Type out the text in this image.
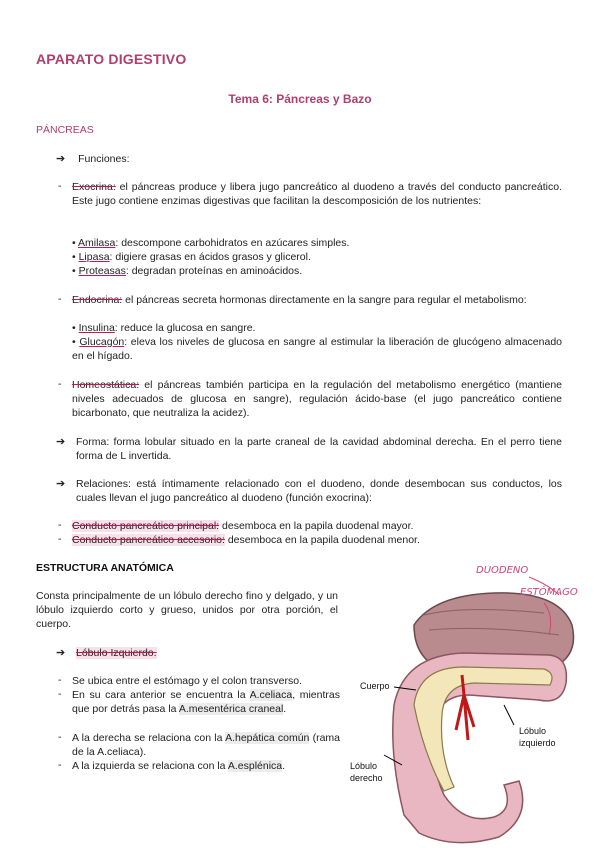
APARATO DIGESTIVO
Tema 6: Páncreas y Bazo
PÁNCREAS
➔ Funciones:
- Exocrina: el páncreas produce y libera jugo pancreático al duodeno a través del conducto pancreático. Este jugo contiene enzimas digestivas que facilitan la descomposición de los nutrientes:
• Amilasa: descompone carbohidratos en azúcares simples.
• Lipasa: digiere grasas en ácidos grasos y glicerol.
• Proteasas: degradan proteínas en aminoácidos.
- Endocrina: el páncreas secreta hormonas directamente en la sangre para regular el metabolismo:
• Insulina: reduce la glucosa en sangre.
• Glucagón: eleva los niveles de glucosa en sangre al estimular la liberación de glucógeno almacenado en el hígado.
- Homeostática: el páncreas también participa en la regulación del metabolismo energético (mantiene niveles adecuados de glucosa en sangre), regulación ácido-base (el jugo pancreático contiene bicarbonato, que neutraliza la acidez).
➔ Forma: forma lobular situado en la parte craneal de la cavidad abdominal derecha. En el perro tiene forma de L invertida.
➔ Relaciones: está íntimamente relacionado con el duodeno, donde desembocan sus conductos, los cuales llevan el jugo pancreático al duodeno (función exocrina):
- Conducto pancreático principal: desemboca en la papila duodenal mayor.
- Conducto pancreático accesorio: desemboca en la papila duodenal menor.
ESTRUCTURA ANATÓMICA
Consta principalmente de un lóbulo derecho fino y delgado, y un lóbulo izquierdo corto y grueso, unidos por otra porción, el cuerpo.
➔ Lóbulo Izquierdo.
- Se ubica entre el estómago y el colon transverso.
- En su cara anterior se encuentra la A.celiaca, mientras que por detrás pasa la A.mesentérica craneal.
- A la derecha se relaciona con la A.hepática común (rama de la A.celiaca).
- A la izquierda se relaciona con la A.esplénica.
DUODENO
ESTÓMAGO
Cuerpo
Lóbulo izquierdo
Lóbulo derecho
